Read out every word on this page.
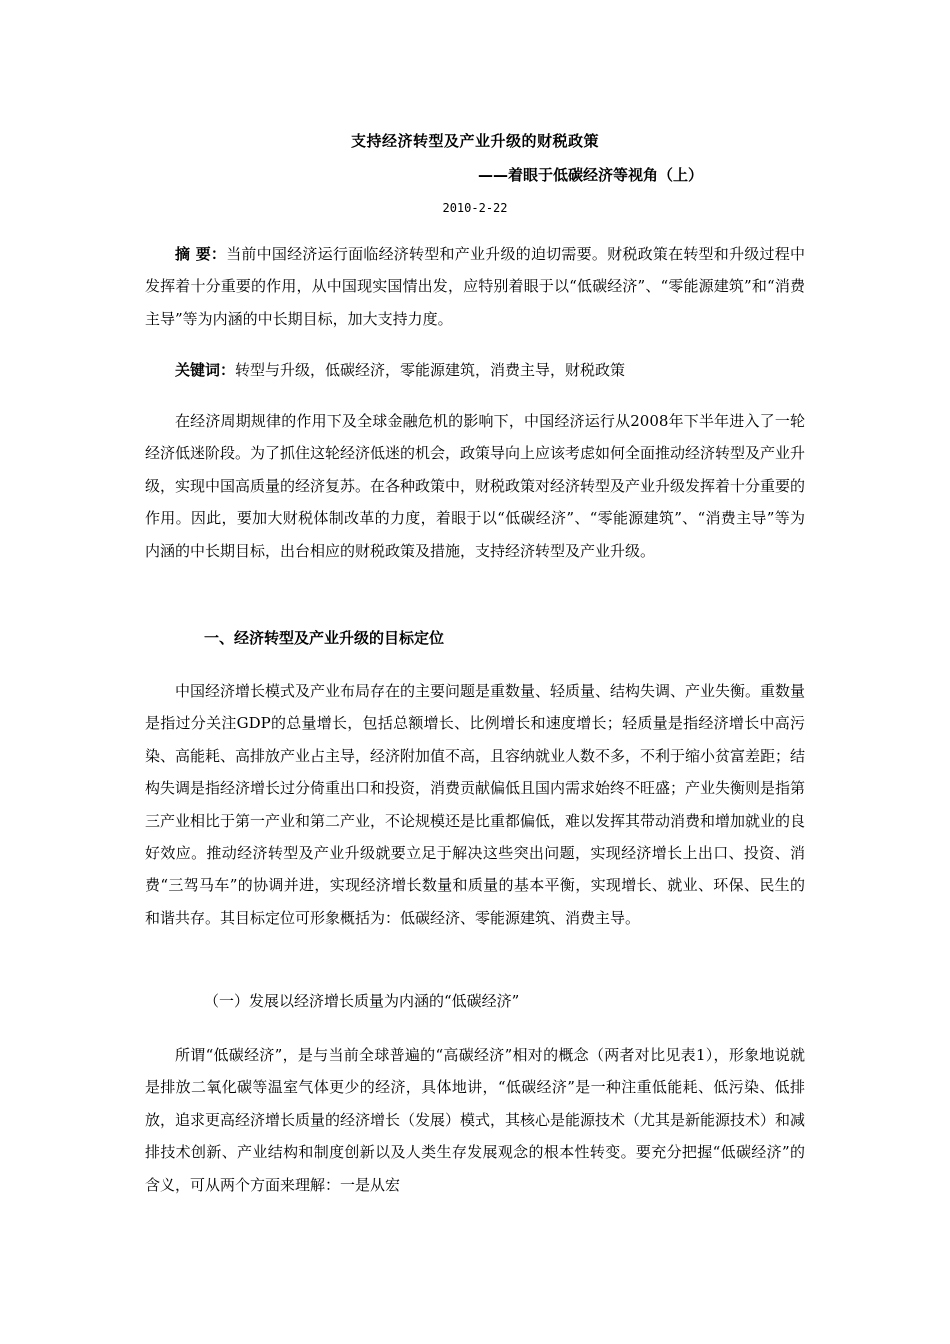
支持经济转型及产业升级的财税政策
——着眼于低碳经济等视角（上）
2010-2-22

摘 要：当前中国经济运行面临经济转型和产业升级的迫切需要。财税政策在转型和升级过程中发挥着十分重要的作用，从中国现实国情出发，应特别着眼于以“低碳经济”、“零能源建筑”和“消费主导”等为内涵的中长期目标，加大支持力度。

关键词：转型与升级，低碳经济，零能源建筑，消费主导，财税政策

在经济周期规律的作用下及全球金融危机的影响下，中国经济运行从2008年下半年进入了一轮经济低迷阶段。为了抓住这轮经济低迷的机会，政策导向上应该考虑如何全面推动经济转型及产业升级，实现中国高质量的经济复苏。在各种政策中，财税政策对经济转型及产业升级发挥着十分重要的作用。因此，要加大财税体制改革的力度，着眼于以“低碳经济”、“零能源建筑”、“消费主导”等为内涵的中长期目标，出台相应的财税政策及措施，支持经济转型及产业升级。

一、经济转型及产业升级的目标定位

中国经济增长模式及产业布局存在的主要问题是重数量、轻质量、结构失调、产业失衡。重数量是指过分关注GDP的总量增长，包括总额增长、比例增长和速度增长；轻质量是指经济增长中高污染、高能耗、高排放产业占主导，经济附加值不高，且容纳就业人数不多，不利于缩小贫富差距；结构失调是指经济增长过分倚重出口和投资，消费贡献偏低且国内需求始终不旺盛；产业失衡则是指第三产业相比于第一产业和第二产业，不论规模还是比重都偏低，难以发挥其带动消费和增加就业的良好效应。推动经济转型及产业升级就要立足于解决这些突出问题，实现经济增长上出口、投资、消费“三驾马车”的协调并进，实现经济增长数量和质量的基本平衡，实现增长、就业、环保、民生的和谐共存。其目标定位可形象概括为：低碳经济、零能源建筑、消费主导。

（一）发展以经济增长质量为内涵的“低碳经济”

所谓“低碳经济”，是与当前全球普遍的“高碳经济”相对的概念（两者对比见表1），形象地说就是排放二氧化碳等温室气体更少的经济，具体地讲，“低碳经济”是一种注重低能耗、低污染、低排放，追求更高经济增长质量的经济增长（发展）模式，其核心是能源技术（尤其是新能源技术）和减排技术创新、产业结构和制度创新以及人类生存发展观念的根本性转变。要充分把握“低碳经济”的含义，可从两个方面来理解：一是从宏
